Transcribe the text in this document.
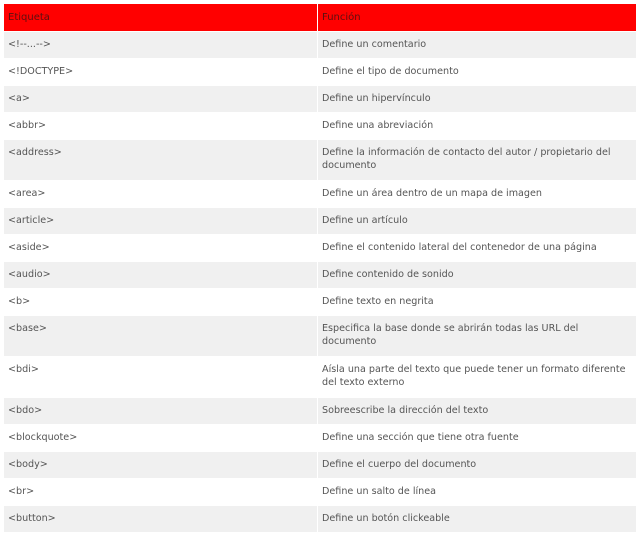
Etiqueta	Función
<!--...-->	Define un comentario
<!DOCTYPE>	Define el tipo de documento
<a>	Define un hipervínculo
<abbr>	Define una abreviación
<address>	Define la información de contacto del autor / propietario del documento
<area>	Define un área dentro de un mapa de imagen
<article>	Define un artículo
<aside>	Define el contenido lateral del contenedor de una página
<audio>	Define contenido de sonido
<b>	Define texto en negrita
<base>	Especifica la base donde se abrirán todas las URL del documento
<bdi>	Aísla una parte del texto que puede tener un formato diferente del texto externo
<bdo>	Sobreescribe la dirección del texto
<blockquote>	Define una sección que tiene otra fuente
<body>	Define el cuerpo del documento
<br>	Define un salto de línea
<button>	Define un botón clickeable
